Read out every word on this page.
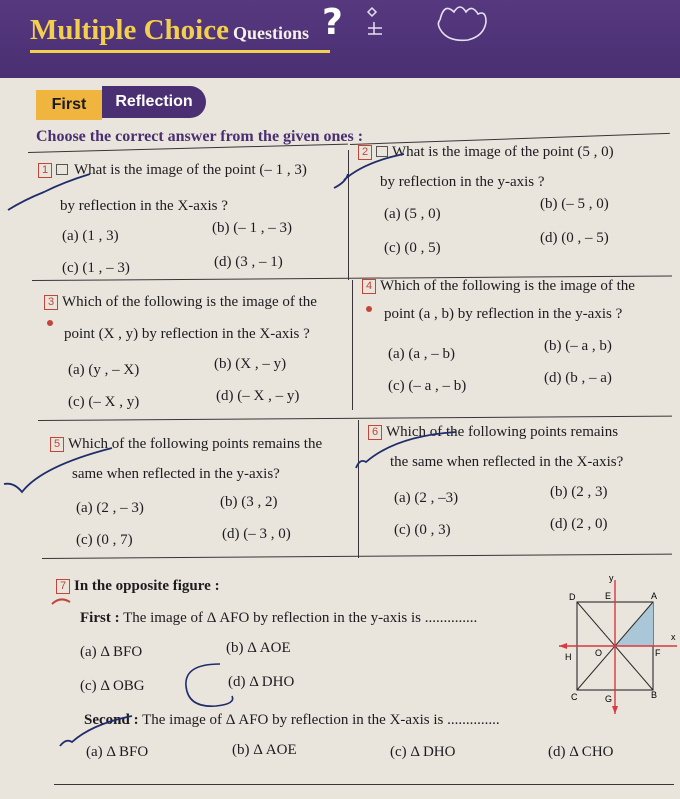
Multiple Choice Questions ?
First	Reflection
Choose the correct answer from the given ones :
1 What is the image of the point (– 1 , 3)
by reflection in the X-axis ?
(a) (1 , 3)	(b) (– 1 , – 3)
(c) (1 , – 3)	(d) (3 , – 1)
2 What is the image of the point (5 , 0)
by reflection in the y-axis ?
(a) (5 , 0)
(b) (– 5 , 0)
(c) (0 , 5)
(d) (0 , – 5)
3 Which of the following is the image of the
point (X , y) by reflection in the X-axis ?
(a) (y , – X)	(b) (X , – y)
(c) (– X , y)	(d) (– X , – y)
4 Which of the following is the image of the
point (a , b) by reflection in the y-axis ?
(a) (a , – b)	(b) (– a , b)
(c) (– a , – b)	(d) (b , – a)
5 Which of the following points remains the
same when reflected in the y-axis?
(a) (2 , – 3)	(b) (3 , 2)
(c) (0 , 7)	(d) (– 3 , 0)
6 Which of the following points remains
the same when reflected in the X-axis?
(a) (2 , –3)	(b) (2 , 3)
(c) (0 , 3)	(d) (2 , 0)
7 In the opposite figure :
First : The image of Δ AFO by reflection in the y-axis is ..............
(a) Δ BFO	(b) Δ AOE
(c) Δ OBG	(d) Δ DHO
Second : The image of Δ AFO by reflection in the X-axis is ..............
(a) Δ BFO	(b) Δ AOE	(c) Δ DHO	(d) Δ CHO
y
x
D	E	A
H	O	F
C	G	B
